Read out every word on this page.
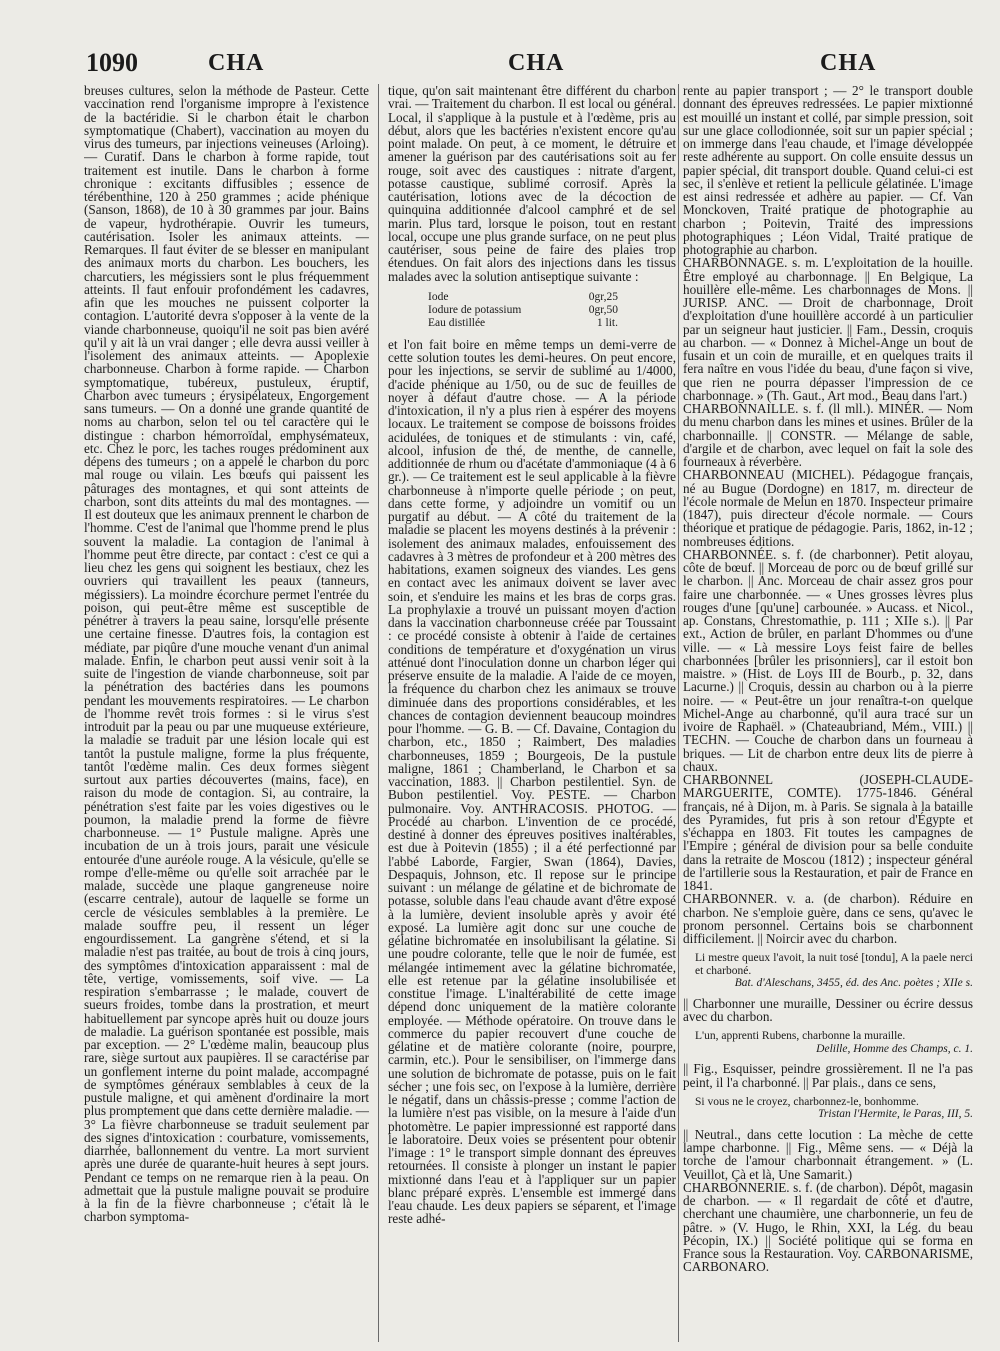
1090	CHA	CHA	CHA

breuses cultures, selon la méthode de Pasteur. Cette vaccination rend l'organisme impropre à l'existence de la bactéridie. Si le charbon était le charbon symptomatique (Chabert), vaccination au moyen du virus des tumeurs, par injections veineuses (Arloing). — Curatif. Dans le charbon à forme rapide, tout traitement est inutile. Dans le charbon à forme chronique : excitants diffusibles ; essence de térébenthine, 120 à 250 grammes ; acide phénique (Sanson, 1868), de 10 à 30 grammes par jour. Bains de vapeur, hydrothérapie. Ouvrir les tumeurs, cautérisation. Isoler les animaux atteints. — Remarques. Il faut éviter de se blesser en manipulant des animaux morts du charbon. Les bouchers, les charcutiers, les mégissiers sont le plus fréquemment atteints. Il faut enfouir profondément les cadavres, afin que les mouches ne puissent colporter la contagion. L'autorité devra s'opposer à la vente de la viande charbonneuse, quoiqu'il ne soit pas bien avéré qu'il y ait là un vrai danger ; elle devra aussi veiller à l'isolement des animaux atteints. — Apoplexie charbonneuse. Charbon à forme rapide. — Charbon symptomatique, tubéreux, pustuleux, éruptif, Charbon avec tumeurs ; érysipélateux, Engorgement sans tumeurs. — On a donné une grande quantité de noms au charbon, selon tel ou tel caractère qui le distingue : charbon hémorroïdal, emphysémateux, etc. Chez le porc, les taches rouges prédominent aux dépens des tumeurs ; on a appelé le charbon du porc mal rouge ou vilain. Les bœufs qui paissent les pâturages des montagnes, et qui sont atteints de charbon, sont dits atteints du mal des montagnes. — Il est douteux que les animaux prennent le charbon de l'homme. C'est de l'animal que l'homme prend le plus souvent la maladie. La contagion de l'animal à l'homme peut être directe, par contact : c'est ce qui a lieu chez les gens qui soignent les bestiaux, chez les ouvriers qui travaillent les peaux (tanneurs, mégissiers). La moindre écorchure permet l'entrée du poison, qui peut-être même est susceptible de pénétrer à travers la peau saine, lorsqu'elle présente une certaine finesse. D'autres fois, la contagion est médiate, par piqûre d'une mouche venant d'un animal malade. Enfin, le charbon peut aussi venir soit à la suite de l'ingestion de viande charbonneuse, soit par la pénétration des bactéries dans les poumons pendant les mouvements respiratoires. — Le charbon de l'homme revêt trois formes : si le virus s'est introduit par la peau ou par une muqueuse extérieure, la maladie se traduit par une lésion locale qui est tantôt la pustule maligne, forme la plus fréquente, tantôt l'œdème malin. Ces deux formes siègent surtout aux parties découvertes (mains, face), en raison du mode de contagion. Si, au contraire, la pénétration s'est faite par les voies digestives ou le poumon, la maladie prend la forme de fièvre charbonneuse. — 1° Pustule maligne. Après une incubation de un à trois jours, parait une vésicule entourée d'une auréole rouge. A la vésicule, qu'elle se rompe d'elle-même ou qu'elle soit arrachée par le malade, succède une plaque gangreneuse noire (escarre centrale), autour de laquelle se forme un cercle de vésicules semblables à la première. Le malade souffre peu, il ressent un léger engourdissement. La gangrène s'étend, et si la maladie n'est pas traitée, au bout de trois à cinq jours, des symptômes d'intoxication apparaissent : mal de tête, vertige, vomissements, soif vive. — La respiration s'embarrasse ; le malade, couvert de sueurs froides, tombe dans la prostration, et meurt habituellement par syncope après huit ou douze jours de maladie. La guérison spontanée est possible, mais par exception. — 2° L'œdème malin, beaucoup plus rare, siège surtout aux paupières. Il se caractérise par un gonflement interne du point malade, accompagné de symptômes généraux semblables à ceux de la pustule maligne, et qui amènent d'ordinaire la mort plus promptement que dans cette dernière maladie. — 3° La fièvre charbonneuse se traduit seulement par des signes d'intoxication : courbature, vomissements, diarrhée, ballonnement du ventre. La mort survient après une durée de quarante-huit heures à sept jours. Pendant ce temps on ne remarque rien à la peau. On admettait que la pustule maligne pouvait se produire à la fin de la fièvre charbonneuse ; c'était là le charbon symptoma-

tique, qu'on sait maintenant être différent du charbon vrai. — Traitement du charbon. Il est local ou général. Local, il s'applique à la pustule et à l'œdème, pris au début, alors que les bactéries n'existent encore qu'au point malade. On peut, à ce moment, le détruire et amener la guérison par des cautérisations soit au fer rouge, soit avec des caustiques : nitrate d'argent, potasse caustique, sublimé corrosif. Après la cautérisation, lotions avec de la décoction de quinquina additionnée d'alcool camphré et de sel marin. Plus tard, lorsque le poison, tout en restant local, occupe une plus grande surface, on ne peut plus cautériser, sous peine de faire des plaies trop étendues. On fait alors des injections dans les tissus malades avec la solution antiseptique suivante :

Iode	0gr,25
Iodure de potassium	0gr,50
Eau distillée	1 lit.

et l'on fait boire en même temps un demi-verre de cette solution toutes les demi-heures. On peut encore, pour les injections, se servir de sublimé au 1/4000, d'acide phénique au 1/50, ou de suc de feuilles de noyer à défaut d'autre chose. — A la période d'intoxication, il n'y a plus rien à espérer des moyens locaux. Le traitement se compose de boissons froides acidulées, de toniques et de stimulants : vin, café, alcool, infusion de thé, de menthe, de cannelle, additionnée de rhum ou d'acétate d'ammoniaque (4 à 6 gr.). — Ce traitement est le seul applicable à la fièvre charbonneuse à n'importe quelle période ; on peut, dans cette forme, y adjoindre un vomitif ou un purgatif au début. — A côté du traitement de la maladie se placent les moyens destinés à la prévenir : isolement des animaux malades, enfouissement des cadavres à 3 mètres de profondeur et à 200 mètres des habitations, examen soigneux des viandes. Les gens en contact avec les animaux doivent se laver avec soin, et s'enduire les mains et les bras de corps gras. La prophylaxie a trouvé un puissant moyen d'action dans la vaccination charbonneuse créée par Toussaint : ce procédé consiste à obtenir à l'aide de certaines conditions de température et d'oxygénation un virus atténué dont l'inoculation donne un charbon léger qui préserve ensuite de la maladie. A l'aide de ce moyen, la fréquence du charbon chez les animaux se trouve diminuée dans des proportions considérables, et les chances de contagion deviennent beaucoup moindres pour l'homme. — G. B. — Cf. Davaine, Contagion du charbon, etc., 1850 ; Raimbert, Des maladies charbonneuses, 1859 ; Bourgeois, De la pustule maligne, 1861 ; Chamberland, le Charbon et sa vaccination, 1883. || Charbon pestilentiel. Syn. de Bubon pestilentiel. Voy. PESTE. — Charbon pulmonaire. Voy. ANTHRACOSIS. PHOTOG. — Procédé au charbon. L'invention de ce procédé, destiné à donner des épreuves positives inaltérables, est due à Poitevin (1855) ; il a été perfectionné par l'abbé Laborde, Fargier, Swan (1864), Davies, Despaquis, Johnson, etc. Il repose sur le principe suivant : un mélange de gélatine et de bichromate de potasse, soluble dans l'eau chaude avant d'être exposé à la lumière, devient insoluble après y avoir été exposé. La lumière agit donc sur une couche de gélatine bichromatée en insolubilisant la gélatine. Si une poudre colorante, telle que le noir de fumée, est mélangée intimement avec la gélatine bichromatée, elle est retenue par la gélatine insolubilisée et constitue l'image. L'inaltérabilité de cette image dépend donc uniquement de la matière colorante employée. — Méthode opératoire. On trouve dans le commerce du papier recouvert d'une couche de gélatine et de matière colorante (noire, pourpre, carmin, etc.). Pour le sensibiliser, on l'immerge dans une solution de bichromate de potasse, puis on le fait sécher ; une fois sec, on l'expose à la lumière, derrière le négatif, dans un châssis-presse ; comme l'action de la lumière n'est pas visible, on la mesure à l'aide d'un photomètre. Le papier impressionné est rapporté dans le laboratoire. Deux voies se présentent pour obtenir l'image : 1° le transport simple donnant des épreuves retournées. Il consiste à plonger un instant le papier mixtionné dans l'eau et à l'appliquer sur un papier blanc préparé exprès. L'ensemble est immergé dans l'eau chaude. Les deux papiers se séparent, et l'image reste adhé-

rente au papier transport ; — 2° le transport double donnant des épreuves redressées. Le papier mixtionné est mouillé un instant et collé, par simple pression, soit sur une glace collodionnée, soit sur un papier spécial ; on immerge dans l'eau chaude, et l'image développée reste adhérente au support. On colle ensuite dessus un papier spécial, dit transport double. Quand celui-ci est sec, il s'enlève et retient la pellicule gélatinée. L'image est ainsi redressée et adhère au papier. — Cf. Van Monckoven, Traité pratique de photographie au charbon ; Poitevin, Traité des impressions photographiques ; Léon Vidal, Traité pratique de photographie au charbon.

CHARBONNAGE. s. m. L'exploitation de la houille. Être employé au charbonnage. || En Belgique, La houillère elle-même. Les charbonnages de Mons. || JURISP. ANC. — Droit de charbonnage, Droit d'exploitation d'une houillère accordé à un particulier par un seigneur haut justicier. || Fam., Dessin, croquis au charbon. — « Donnez à Michel-Ange un bout de fusain et un coin de muraille, et en quelques traits il fera naître en vous l'idée du beau, d'une façon si vive, que rien ne pourra dépasser l'impression de ce charbonnage. » (Th. Gaut., Art mod., Beau dans l'art.)

CHARBONNAILLE. s. f. (ll mll.). MINÉR. — Nom du menu charbon dans les mines et usines. Brûler de la charbonnaille. || CONSTR. — Mélange de sable, d'argile et de charbon, avec lequel on fait la sole des fourneaux à réverbère.

CHARBONNEAU (MICHEL). Pédagogue français, né au Bugue (Dordogne) en 1817, m. directeur de l'école normale de Melun en 1870. Inspecteur primaire (1847), puis directeur d'école normale. — Cours théorique et pratique de pédagogie. Paris, 1862, in-12 ; nombreuses éditions.

CHARBONNÉE. s. f. (de charbonner). Petit aloyau, côte de bœuf. || Morceau de porc ou de bœuf grillé sur le charbon. || Anc. Morceau de chair assez gros pour faire une charbonnée. — « Unes grosses lèvres plus rouges d'une [qu'une] carbounée. » Aucass. et Nicol., ap. Constans, Chrestomathie, p. 111 ; XIIe s.). || Par ext., Action de brûler, en parlant D'hommes ou d'une ville. — « Là messire Loys feist faire de belles charbonnées [brûler les prisonniers], car il estoit bon maistre. » (Hist. de Loys III de Bourb., p. 32, dans Lacurne.) || Croquis, dessin au charbon ou à la pierre noire. — « Peut-être un jour renaîtra-t-on quelque Michel-Ange au charbonné, qu'il aura tracé sur un ivoire de Raphaël. » (Chateaubriand, Mém., VIII.) || TECHN. — Couche de charbon dans un fourneau à briques. — Lit de charbon entre deux lits de pierre à chaux.

CHARBONNEL (JOSEPH-CLAUDE-MARGUERITE, COMTE). 1775-1846. Général français, né à Dijon, m. à Paris. Se signala à la bataille des Pyramides, fut pris à son retour d'Égypte et s'échappa en 1803. Fit toutes les campagnes de l'Empire ; général de division pour sa belle conduite dans la retraite de Moscou (1812) ; inspecteur général de l'artillerie sous la Restauration, et pair de France en 1841.

CHARBONNER. v. a. (de charbon). Réduire en charbon. Ne s'emploie guère, dans ce sens, qu'avec le pronom personnel. Certains bois se charbonnent difficilement. || Noircir avec du charbon.

Li mestre queux l'avoit, la nuit tosé [tondu], A la paele nerci et charboné.
Bat. d'Aleschans, 3455, éd. des Anc. poètes ; XIIe s.

|| Charbonner une muraille, Dessiner ou écrire dessus avec du charbon.

L'un, apprenti Rubens, charbonne la muraille.
Delille, Homme des Champs, c. 1.

|| Fig., Esquisser, peindre grossièrement. Il ne l'a pas peint, il l'a charbonné. || Par plais., dans ce sens,

Si vous ne le croyez, charbonnez-le, bonhomme.
Tristan l'Hermite, le Paras, III, 5.

|| Neutral., dans cette locution : La mèche de cette lampe charbonne. || Fig., Même sens. — « Déjà la torche de l'amour charbonnait étrangement. » (L. Veuillot, Çà et là, Une Samarit.)

CHARBONNERIE. s. f. (de charbon). Dépôt, magasin de charbon. — « Il regardait de côté et d'autre, cherchant une chaumière, une charbonnerie, un feu de pâtre. » (V. Hugo, le Rhin, XXI, la Lég. du beau Pécopin, IX.) || Société politique qui se forma en France sous la Restauration. Voy. CARBONARISME, CARBONARO.
